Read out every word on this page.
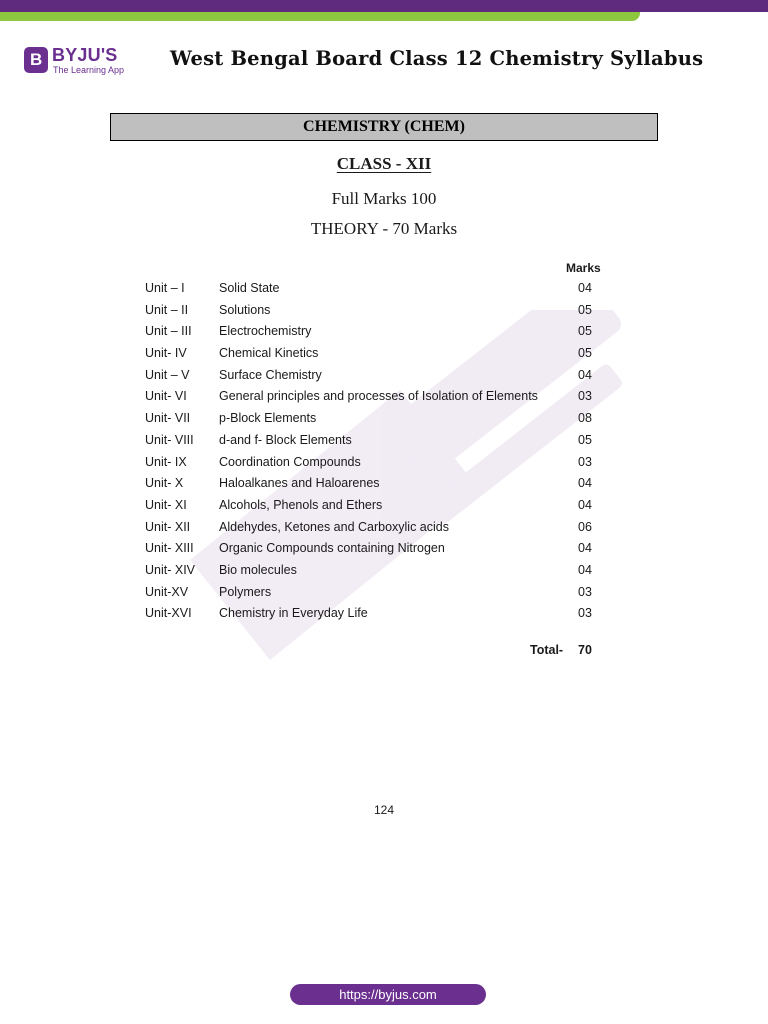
B BYJU'S
The Learning App West Bengal Board Class 12 Chemistry Syllabus
CHEMISTRY (CHEM)
CLASS - XII
Full Marks 100
THEORY - 70 Marks
Marks
Unit – I	Solid State	04
Unit – II Solutions	05
Unit – III Electrochemistry	05
Unit- IV	Chemical Kinetics	05
Unit – V Surface Chemistry	04
Unit- VI	General principles and processes of Isolation of Elements	03
Unit- VII p-Block Elements	08
Unit- VIII d-and f- Block Elements	05
Unit- IX	Coordination Compounds	03
Unit- X	Haloalkanes and Haloarenes	04
Unit- XI	Alcohols, Phenols and Ethers	04
Unit- XII Aldehydes, Ketones and Carboxylic acids	06
Unit- XIII Organic Compounds containing Nitrogen	04
Unit- XIV Bio molecules	04
Unit-XV Polymers	03
Unit-XVI Chemistry in Everyday Life	03
Total- 70
124
https://byjus.com
